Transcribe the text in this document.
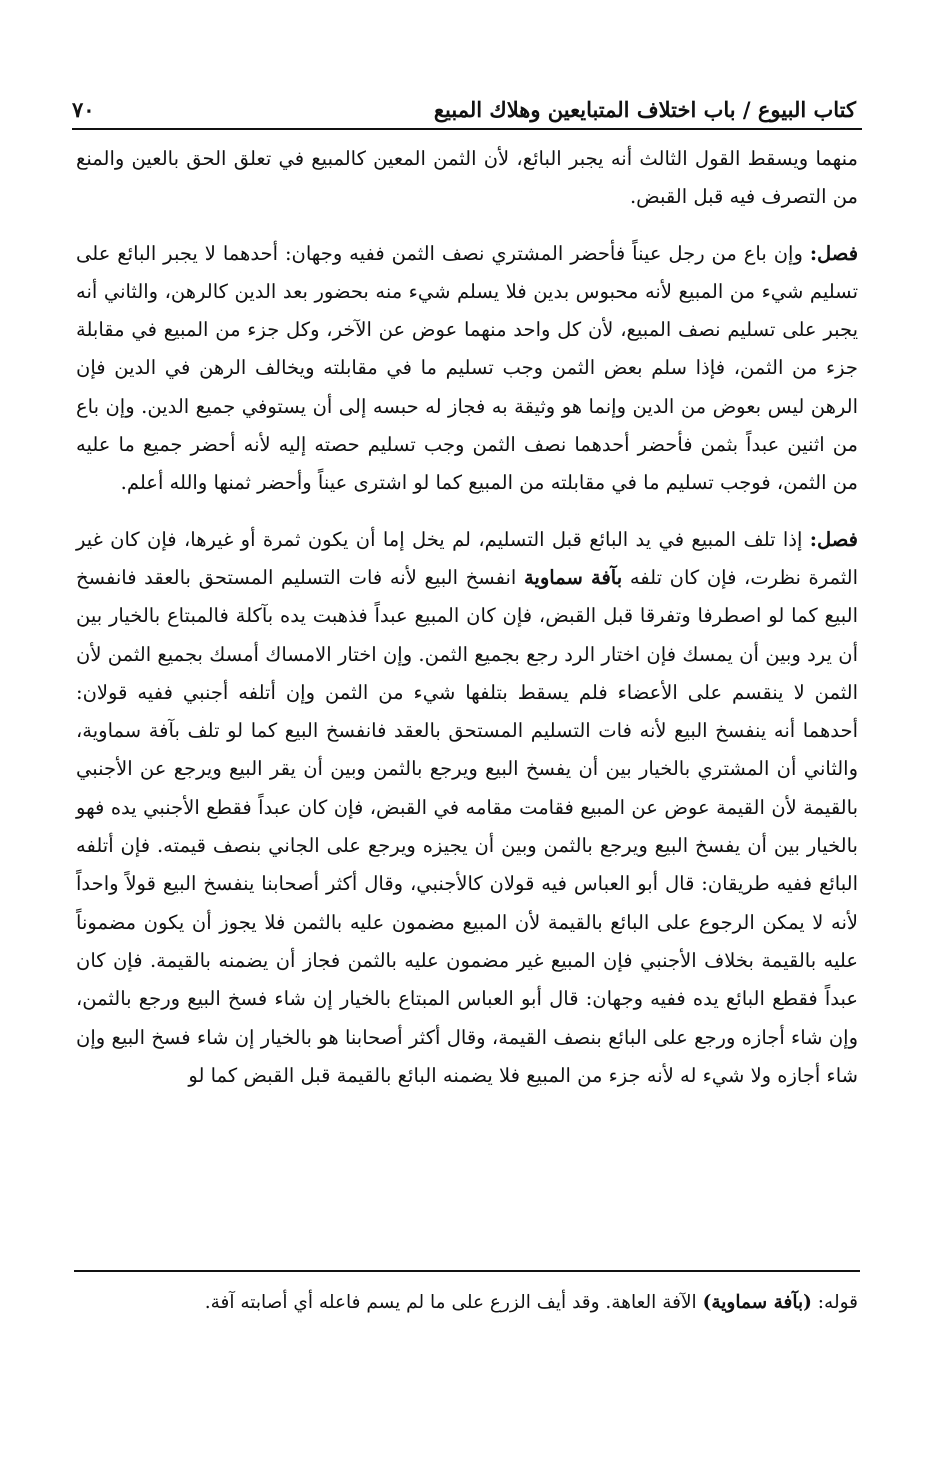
كتاب البيوع / باب اختلاف المتبايعين وهلاك المبيع
٧٠

منهما ويسقط القول الثالث أنه يجبر البائع، لأن الثمن المعين كالمبيع في تعلق الحق بالعين والمنع من التصرف فيه قبل القبض.

فصل: وإن باع من رجل عيناً فأحضر المشتري نصف الثمن ففيه وجهان: أحدهما لا يجبر البائع على تسليم شيء من المبيع لأنه محبوس بدين فلا يسلم شيء منه بحضور بعد الدين كالرهن، والثاني أنه يجبر على تسليم نصف المبيع، لأن كل واحد منهما عوض عن الآخر، وكل جزء من المبيع في مقابلة جزء من الثمن، فإذا سلم بعض الثمن وجب تسليم ما في مقابلته ويخالف الرهن في الدين فإن الرهن ليس بعوض من الدين وإنما هو وثيقة به فجاز له حبسه إلى أن يستوفي جميع الدين. وإن باع من اثنين عبداً بثمن فأحضر أحدهما نصف الثمن وجب تسليم حصته إليه لأنه أحضر جميع ما عليه من الثمن، فوجب تسليم ما في مقابلته من المبيع كما لو اشترى عيناً وأحضر ثمنها والله أعلم.

فصل: إذا تلف المبيع في يد البائع قبل التسليم، لم يخل إما أن يكون ثمرة أو غيرها، فإن كان غير الثمرة نظرت، فإن كان تلفه بآفة سماوية انفسخ البيع لأنه فات التسليم المستحق بالعقد فانفسخ البيع كما لو اصطرفا وتفرقا قبل القبض، فإن كان المبيع عبداً فذهبت يده بآكلة فالمبتاع بالخيار بين أن يرد وبين أن يمسك فإن اختار الرد رجع بجميع الثمن. وإن اختار الامساك أمسك بجميع الثمن لأن الثمن لا ينقسم على الأعضاء فلم يسقط بتلفها شيء من الثمن وإن أتلفه أجنبي ففيه قولان: أحدهما أنه ينفسخ البيع لأنه فات التسليم المستحق بالعقد فانفسخ البيع كما لو تلف بآفة سماوية، والثاني أن المشتري بالخيار بين أن يفسخ البيع ويرجع بالثمن وبين أن يقر البيع ويرجع عن الأجنبي بالقيمة لأن القيمة عوض عن المبيع فقامت مقامه في القبض، فإن كان عبداً فقطع الأجنبي يده فهو بالخيار بين أن يفسخ البيع ويرجع بالثمن وبين أن يجيزه ويرجع على الجاني بنصف قيمته. فإن أتلفه البائع ففيه طريقان: قال أبو العباس فيه قولان كالأجنبي، وقال أكثر أصحابنا ينفسخ البيع قولاً واحداً لأنه لا يمكن الرجوع على البائع بالقيمة لأن المبيع مضمون عليه بالثمن فلا يجوز أن يكون مضموناً عليه بالقيمة بخلاف الأجنبي فإن المبيع غير مضمون عليه بالثمن فجاز أن يضمنه بالقيمة. فإن كان عبداً فقطع البائع يده ففيه وجهان: قال أبو العباس المبتاع بالخيار إن شاء فسخ البيع ورجع بالثمن، وإن شاء أجازه ورجع على البائع بنصف القيمة، وقال أكثر أصحابنا هو بالخيار إن شاء فسخ البيع وإن شاء أجازه ولا شيء له لأنه جزء من المبيع فلا يضمنه البائع بالقيمة قبل القبض كما لو

قوله: (بآفة سماوية) الآفة العاهة. وقد أيف الزرع على ما لم يسم فاعله أي أصابته آفة.
